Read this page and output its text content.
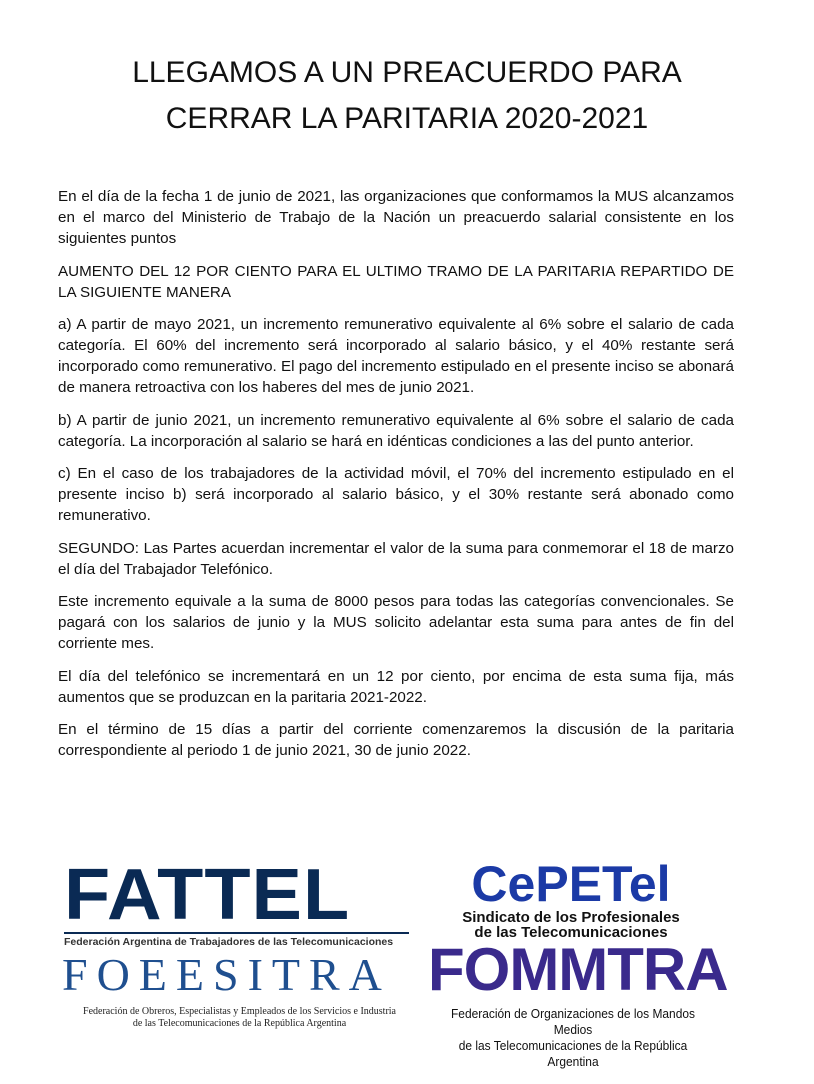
LLEGAMOS A UN PREACUERDO PARA
CERRAR LA PARITARIA 2020-2021

En el día de la fecha 1 de junio de 2021, las organizaciones que conformamos la MUS alcanzamos en el marco del Ministerio de Trabajo de la Nación un preacuerdo salarial consistente en los siguientes puntos

AUMENTO DEL 12 POR CIENTO PARA EL ULTIMO TRAMO DE LA PARITARIA REPARTIDO DE LA SIGUIENTE MANERA

a) A partir de mayo 2021, un incremento remunerativo equivalente al 6% sobre el salario de cada categoría. El 60% del incremento será incorporado al salario básico, y el 40% restante será incorporado como remunerativo. El pago del incremento estipulado en el presente inciso se abonará de manera retroactiva con los haberes del mes de junio 2021.

b) A partir de junio 2021, un incremento remunerativo equivalente al 6% sobre el salario de cada categoría. La incorporación al salario se hará en idénticas condiciones a las del punto anterior.

c) En el caso de los trabajadores de la actividad móvil, el 70% del incremento estipulado en el presente inciso b) será incorporado al salario básico, y el 30% restante será abonado como remunerativo.

SEGUNDO: Las Partes acuerdan incrementar el valor de la suma para conmemorar el 18 de marzo el día del Trabajador Telefónico.

Este incremento equivale a la suma de 8000 pesos para todas las categorías convencionales. Se pagará con los salarios de junio y la MUS solicito adelantar esta suma para antes de fin del corriente mes.

El día del telefónico se incrementará en un 12 por ciento, por encima de esta suma fija, más aumentos que se produzcan en la paritaria 2021-2022.

En el término de 15 días a partir del corriente comenzaremos la discusión de la paritaria correspondiente al periodo 1 de junio 2021, 30 de junio 2022.

FATTEL
Federación Argentina de Trabajadores de las Telecomunicaciones
FOEESITRA
Federación de Obreros, Especialistas y Empleados de los Servicios e Industria
de las Telecomunicaciones de la República Argentina
CePETel
Sindicato de los Profesionales
de las Telecomunicaciones
FOMMTRA
Federación de Organizaciones de los Mandos Medios
de las Telecomunicaciones de la República Argentina
